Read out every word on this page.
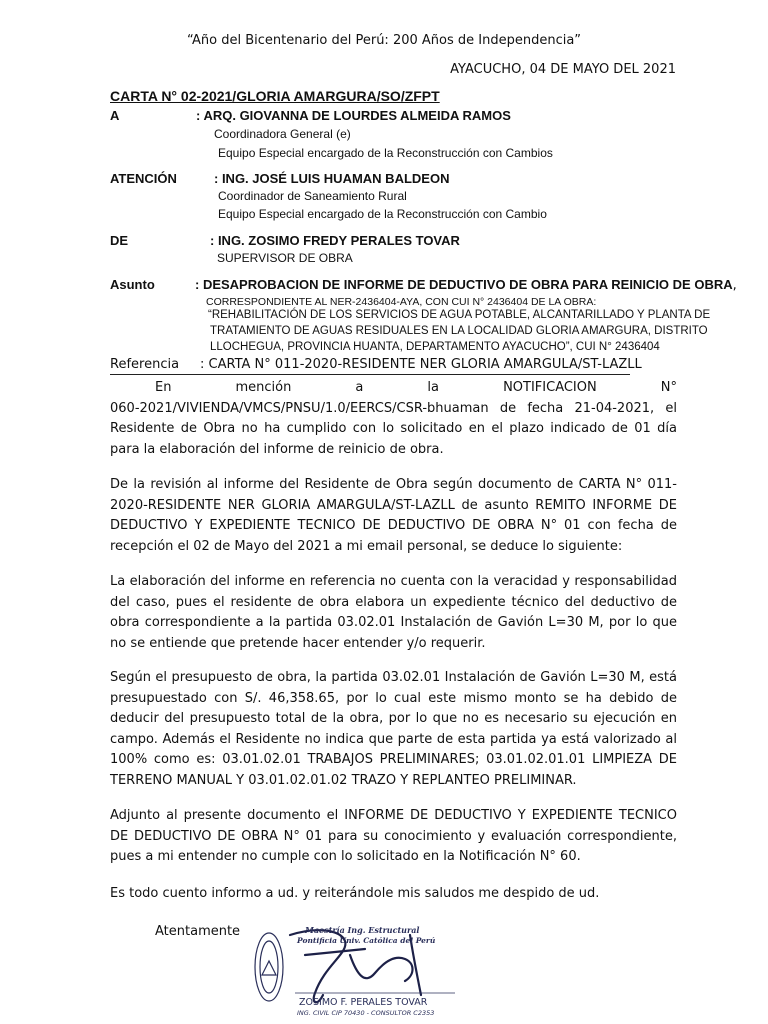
“Año del Bicentenario del Perú: 200 Años de Independencia”
AYACUCHO, 04 DE MAYO DEL 2021
CARTA N° 02-2021/GLORIA AMARGURA/SO/ZFPT
A	: ARQ. GIOVANNA DE LOURDES ALMEIDA RAMOS
Coordinadora General (e)
Equipo Especial encargado de la Reconstrucción con Cambios
ATENCIÓN	: ING. JOSÉ LUIS HUAMAN BALDEON
Coordinador de Saneamiento Rural
Equipo Especial encargado de la Reconstrucción con Cambio
DE	: ING. ZOSIMO FREDY PERALES TOVAR
SUPERVISOR DE OBRA
Asunto	: DESAPROBACION DE INFORME DE DEDUCTIVO DE OBRA PARA REINICIO DE OBRA,
CORRESPONDIENTE AL NER-2436404-AYA, CON CUI N° 2436404 DE LA OBRA:
“REHABILITACIÓN DE LOS SERVICIOS DE AGUA POTABLE, ALCANTARILLADO Y PLANTA DE
TRATAMIENTO DE AGUAS RESIDUALES EN LA LOCALIDAD GLORIA AMARGURA, DISTRITO
LLOCHEGUA, PROVINCIA HUANTA, DEPARTAMENTO AYACUCHO”, CUI N° 2436404
Referencia : CARTA N° 011-2020-RESIDENTE NER GLORIA AMARGULA/ST-LAZLL
En mención a la NOTIFICACION N°
060-2021/VIVIENDA/VMCS/PNSU/1.0/EERCS/CSR-bhuaman de fecha 21-04-2021, el

Residente de Obra no ha cumplido con lo solicitado en el plazo indicado de 01 día para la elaboración del informe de reinicio de obra.

De la revisión al informe del Residente de Obra según documento de CARTA N° 011-2020-RESIDENTE NER GLORIA AMARGULA/ST-LAZLL de asunto REMITO INFORME DE DEDUCTIVO Y EXPEDIENTE TECNICO DE DEDUCTIVO DE OBRA N° 01 con fecha de recepción el 02 de Mayo del 2021 a mi email personal, se deduce lo siguiente:

La elaboración del informe en referencia no cuenta con la veracidad y responsabilidad del caso, pues el residente de obra elabora un expediente técnico del deductivo de obra correspondiente a la partida 03.02.01 Instalación de Gavión L=30 M, por lo que no se entiende que pretende hacer entender y/o requerir.

Según el presupuesto de obra, la partida 03.02.01 Instalación de Gavión L=30 M, está presupuestado con S/. 46,358.65, por lo cual este mismo monto se ha debido de deducir del presupuesto total de la obra, por lo que no es necesario su ejecución en campo. Además el Residente no indica que parte de esta partida ya está valorizado al 100% como es: 03.01.02.01 TRABAJOS PRELIMINARES; 03.01.02.01.01 LIMPIEZA DE TERRENO MANUAL Y 03.01.02.01.02 TRAZO Y REPLANTEO PRELIMINAR.

Adjunto al presente documento el INFORME DE DEDUCTIVO Y EXPEDIENTE TECNICO DE DEDUCTIVO DE OBRA N° 01 para su conocimiento y evaluación correspondiente, pues a mi entender no cumple con lo solicitado en la Notificación N° 60.

Es todo cuento informo a ud. y reiterándole mis saludos me despido de ud.

Atentamente	Maestría Ing. Estructural
Pontificia Univ. Católica del Perú
ZOSIMO F. PERALES TOVAR
ING. CIVIL CIP 70430 - CONSULTOR C2353
